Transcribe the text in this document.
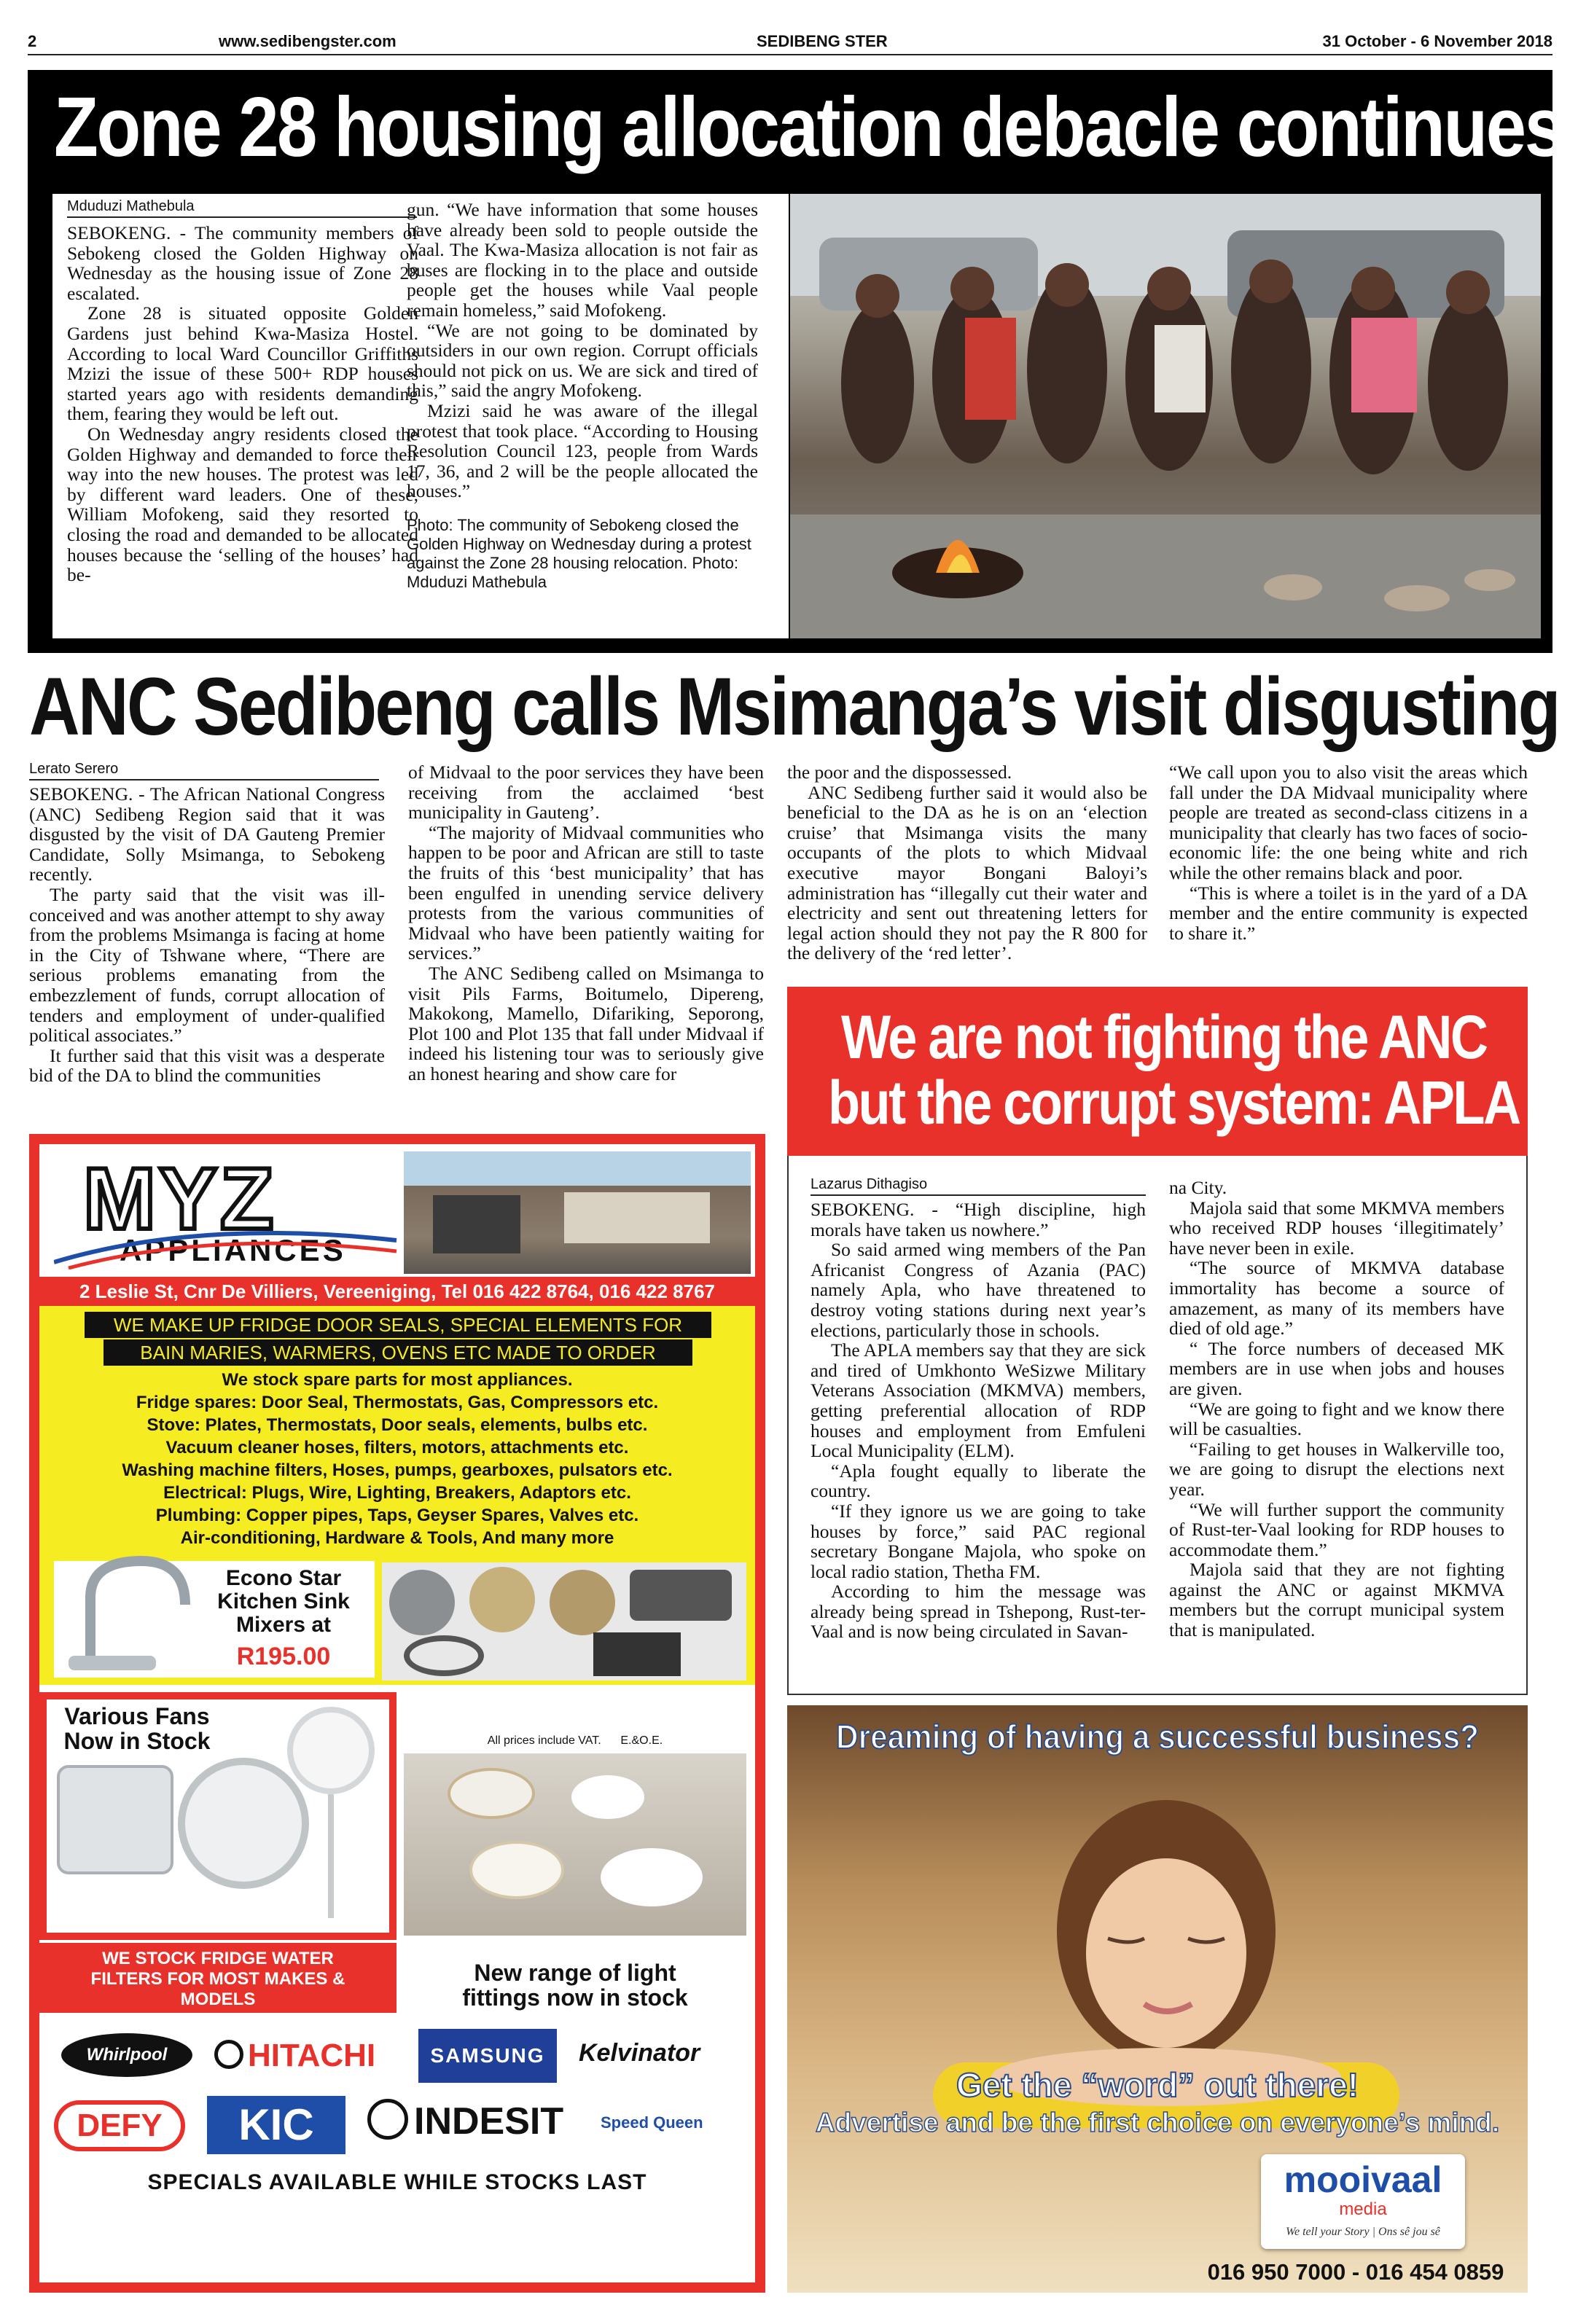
2	www.sedibengster.com	SEDIBENG STER	31 October - 6 November 2018
Zone 28 housing allocation debacle continues
Mduduzi Mathebula

SEBOKENG. - The community members of Sebokeng closed the Golden Highway on Wednesday as the housing issue of Zone 28 escalated.

Zone 28 is situated opposite Golden Gardens just behind Kwa-Masiza Hostel. According to local Ward Councillor Griffiths Mzizi the issue of these 500+ RDP houses started years ago with residents demanding them, fearing they would be left out.

On Wednesday angry residents closed the Golden Highway and demanded to force their way into the new houses. The protest was led by different ward leaders. One of these, William Mofokeng, said they resorted to closing the road and demanded to be allocated houses because the ‘selling of the houses’ had be-

gun. “We have information that some houses have already been sold to people outside the Vaal. The Kwa-Masiza allocation is not fair as buses are flocking in to the place and outside people get the houses while Vaal people remain homeless,” said Mofokeng.

“We are not going to be dominated by outsiders in our own region. Corrupt officials should not pick on us. We are sick and tired of this,” said the angry Mofokeng.

Mzizi said he was aware of the illegal protest that took place. “According to Housing Resolution Council 123, people from Wards 17, 36, and 2 will be the people allocated the houses.”

Photo: The community of Sebokeng closed the Golden Highway on Wednesday during a protest against the Zone 28 housing relocation. Photo: Mduduzi Mathebula

ANC Sedibeng calls Msimanga’s visit disgusting
Lerato Serero

SEBOKENG. - The African National Congress (ANC) Sedibeng Region said that it was disgusted by the visit of DA Gauteng Premier Candidate, Solly Msimanga, to Sebokeng recently.

The party said that the visit was ill-conceived and was another attempt to shy away from the problems Msimanga is facing at home in the City of Tshwane where, “There are serious problems emanating from the embezzlement of funds, corrupt allocation of tenders and employment of under-qualified political associates.”

It further said that this visit was a desperate bid of the DA to blind the communities

of Midvaal to the poor services they have been receiving from the acclaimed ‘best municipality in Gauteng’.

“The majority of Midvaal communities who happen to be poor and African are still to taste the fruits of this ‘best municipality’ that has been engulfed in unending service delivery protests from the various communities of Midvaal who have been patiently waiting for services.”

The ANC Sedibeng called on Msimanga to visit Pils Farms, Boitumelo, Dipereng, Makokong, Mamello, Difariking, Seporong, Plot 100 and Plot 135 that fall under Midvaal if indeed his listening tour was to seriously give an honest hearing and show care for

the poor and the dispossessed.

ANC Sedibeng further said it would also be beneficial to the DA as he is on an ‘election cruise’ that Msimanga visits the many occupants of the plots to which Midvaal executive mayor Bongani Baloyi’s administration has “illegally cut their water and electricity and sent out threatening letters for legal action should they not pay the R 800 for the delivery of the ‘red letter’.

“We call upon you to also visit the areas which fall under the DA Midvaal municipality where people are treated as second-class citizens in a municipality that clearly has two faces of socio-economic life: the one being white and rich while the other remains black and poor.

“This is where a toilet is in the yard of a DA member and the entire community is expected to share it.”

We are not fighting the ANC
but the corrupt system: APLA
Lazarus Dithagiso

SEBOKENG. - “High discipline, high morals have taken us nowhere.”

So said armed wing members of the Pan Africanist Congress of Azania (PAC) namely Apla, who have threatened to destroy voting stations during next year’s elections, particularly those in schools.

The APLA members say that they are sick and tired of Umkhonto WeSizwe Military Veterans Association (MKMVA) members, getting preferential allocation of RDP houses and employment from Emfuleni Local Municipality (ELM).

“Apla fought equally to liberate the country.

“If they ignore us we are going to take houses by force,” said PAC regional secretary Bongane Majola, who spoke on local radio station, Thetha FM.

According to him the message was already being spread in Tshepong, Rust-ter-Vaal and is now being circulated in Savan-

na City.

Majola said that some MKMVA members who received RDP houses ‘illegitimately’ have never been in exile.

“The source of MKMVA database immortality has become a source of amazement, as many of its members have died of old age.”

“ The force numbers of deceased MK members are in use when jobs and houses are given.

“We are going to fight and we know there will be casualties.

“Failing to get houses in Walkerville too, we are going to disrupt the elections next year.

“We will further support the community of Rust-ter-Vaal looking for RDP houses to accommodate them.”

Majola said that they are not fighting against the ANC or against MKMVA members but the corrupt municipal system that is manipulated.

MYZ
APPLIANCES
2 Leslie St, Cnr De Villiers, Vereeniging, Tel 016 422 8764, 016 422 8767
WE MAKE UP FRIDGE DOOR SEALS, SPECIAL ELEMENTS FOR
BAIN MARIES, WARMERS, OVENS ETC MADE TO ORDER
We stock spare parts for most appliances.
Fridge spares: Door Seal, Thermostats, Gas, Compressors etc.
Stove: Plates, Thermostats, Door seals, elements, bulbs etc.
Vacuum cleaner hoses, filters, motors, attachments etc.
Washing machine filters, Hoses, pumps, gearboxes, pulsators etc.
Electrical: Plugs, Wire, Lighting, Breakers, Adaptors etc.
Plumbing: Copper pipes, Taps, Geyser Spares, Valves etc.
Air-conditioning, Hardware & Tools, And many more
Econo Star Kitchen Sink Mixers at
R195.00
Various Fans Now in Stock	All prices include VAT.      E.&O.E.
WE STOCK FRIDGE WATER FILTERS FOR MOST MAKES & MODELS
New range of light fittings now in stock
Whirlpool	HITACHI	SAMSUNG	Kelvinator
DEFY	KIC	INDESIT Speed Queen
SPECIALS AVAILABLE WHILE STOCKS LAST
Dreaming of having a successful business?
Get the “word” out there!
Advertise and be the first choice on everyone’s mind.
mooivaal
media
We tell your Story | Ons sê jou sê
016 950 7000 - 016 454 0859
